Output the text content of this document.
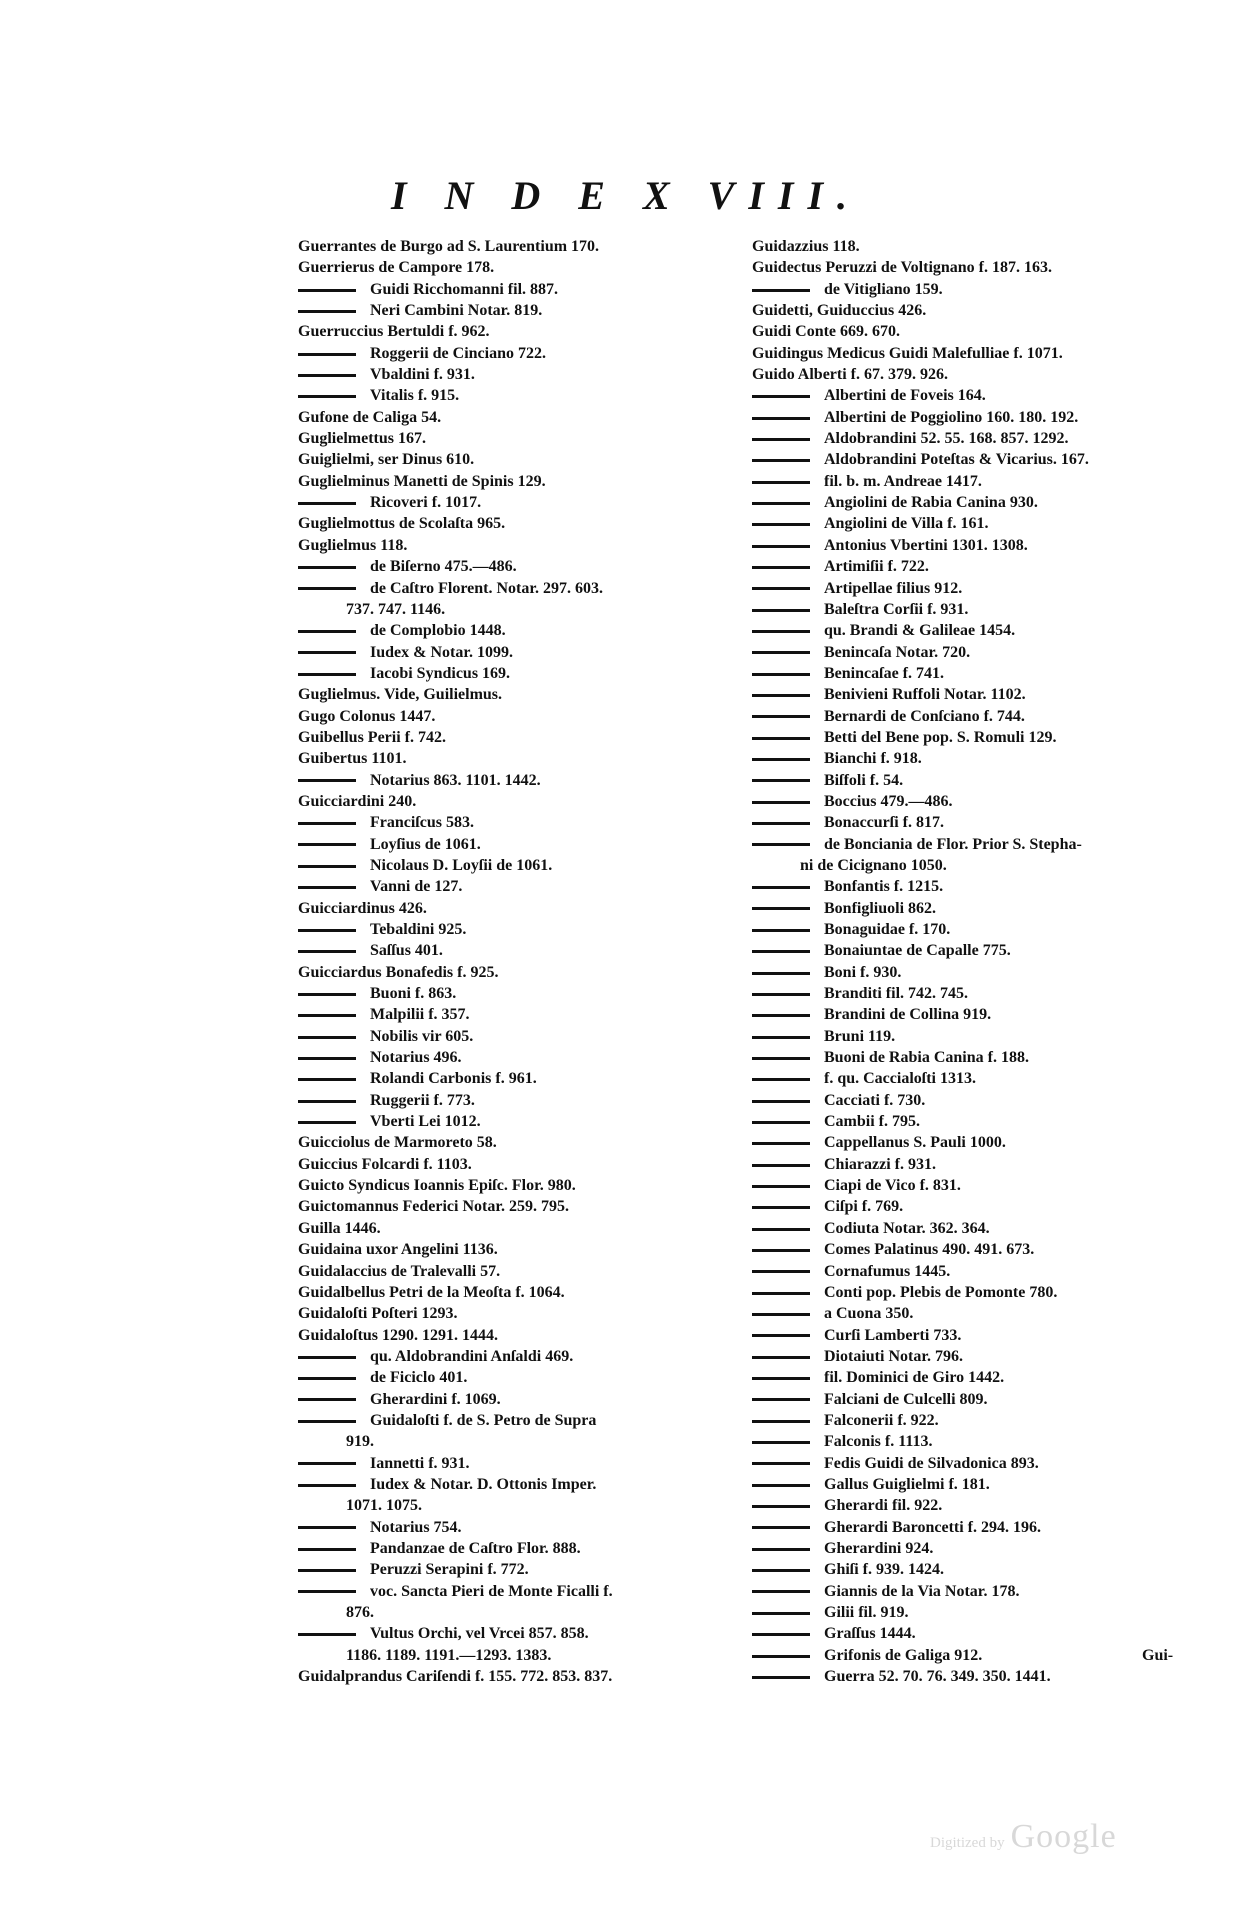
I N D E X VIII.
Guerrantes de Burgo ad S. Laurentium 170.
Guerrierus de Campore 178.
Guidi Ricchomanni fil. 887.
Neri Cambini Notar. 819.
Guerruccius Bertuldi f. 962.
Roggerii de Cinciano 722.
Vbaldini f. 931.
Vitalis f. 915.
Gufone de Caliga 54.
Guglielmettus 167.
Guiglielmi, ser Dinus 610.
Guglielminus Manetti de Spinis 129.
Ricoveri f. 1017.
Guglielmottus de Scolaſta 965.
Guglielmus 118.
de Biſerno 475.—486.
de Caſtro Florent. Notar. 297. 603.
737. 747. 1146.
de Complobio 1448.
Iudex & Notar. 1099.
Iacobi Syndicus 169.
Guglielmus. Vide, Guilielmus.
Gugo Colonus 1447.
Guibellus Perii f. 742.
Guibertus 1101.
Notarius 863. 1101. 1442.
Guicciardini 240.
Franciſcus 583.
Loyſius de 1061.
Nicolaus D. Loyſii de 1061.
Vanni de 127.
Guicciardinus 426.
Tebaldini 925.
Saſſus 401.
Guicciardus Bonafedis f. 925.
Buoni f. 863.
Malpilii f. 357.
Nobilis vir 605.
Notarius 496.
Rolandi Carbonis f. 961.
Ruggerii f. 773.
Vberti Lei 1012.
Guicciolus de Marmoreto 58.
Guiccius Folcardi f. 1103.
Guicto Syndicus Ioannis Epiſc. Flor. 980.
Guictomannus Federici Notar. 259. 795.
Guilla 1446.
Guidaina uxor Angelini 1136.
Guidalaccius de Tralevalli 57.
Guidalbellus Petri de la Meoſta f. 1064.
Guidaloſti Poſteri 1293.
Guidaloſtus 1290. 1291. 1444.
qu. Aldobrandini Anſaldi 469.
de Ficiclo 401.
Gherardini f. 1069.
Guidaloſti f. de S. Petro de Supra
919.
Iannetti f. 931.
Iudex & Notar. D. Ottonis Imper.
1071. 1075.
Notarius 754.
Pandanzae de Caſtro Flor. 888.
Peruzzi Serapini f. 772.
voc. Sancta Pieri de Monte Ficalli f.
876.
Vultus Orchi, vel Vrcei 857. 858.
1186. 1189. 1191.—1293. 1383.
Guidalprandus Cariſendi f. 155. 772. 853. 837.
Guidazzius 118.
Guidectus Peruzzi de Voltignano f. 187. 163.
de Vitigliano 159.
Guidetti, Guiduccius 426.
Guidi Conte 669. 670.
Guidingus Medicus Guidi Malefulliae f. 1071.
Guido Alberti f. 67. 379. 926.
Albertini de Foveis 164.
Albertini de Poggiolino 160. 180. 192.
Aldobrandini 52. 55. 168. 857. 1292.
Aldobrandini Poteſtas & Vicarius. 167.
fil. b. m. Andreae 1417.
Angiolini de Rabia Canina 930.
Angiolini de Villa f. 161.
Antonius Vbertini 1301. 1308.
Artimiſii f. 722.
Artipellae filius 912.
Baleſtra Corſii f. 931.
qu. Brandi & Galileae 1454.
Benincaſa Notar. 720.
Benincaſae f. 741.
Benivieni Ruffoli Notar. 1102.
Bernardi de Conſciano f. 744.
Betti del Bene pop. S. Romuli 129.
Bianchi f. 918.
Biſfoli f. 54.
Boccius 479.—486.
Bonaccurſi f. 817.
de Bonciania de Flor. Prior S. Stepha-
ni de Cicignano 1050.
Bonfantis f. 1215.
Bonfigliuoli 862.
Bonaguidae f. 170.
Bonaiuntae de Capalle 775.
Boni f. 930.
Branditi fil. 742. 745.
Brandini de Collina 919.
Bruni 119.
Buoni de Rabia Canina f. 188.
f. qu. Caccialoſti 1313.
Cacciati f. 730.
Cambii f. 795.
Cappellanus S. Pauli 1000.
Chiarazzi f. 931.
Ciapi de Vico f. 831.
Ciſpi f. 769.
Codiuta Notar. 362. 364.
Comes Palatinus 490. 491. 673.
Cornafumus 1445.
Conti pop. Plebis de Pomonte 780.
a Cuona 350.
Curſi Lamberti 733.
Diotaiuti Notar. 796.
fil. Dominici de Giro 1442.
Falciani de Culcelli 809.
Falconerii f. 922.
Falconis f. 1113.
Fedis Guidi de Silvadonica 893.
Gallus Guiglielmi f. 181.
Gherardi fil. 922.
Gherardi Baroncetti f. 294. 196.
Gherardini 924.
Ghiſi f. 939. 1424.
Giannis de la Via Notar. 178.
Gilii fil. 919.
Graſſus 1444.
Grifonis de Galiga 912.
Guerra 52. 70. 76. 349. 350. 1441.
Gui-
Digitized by Google
